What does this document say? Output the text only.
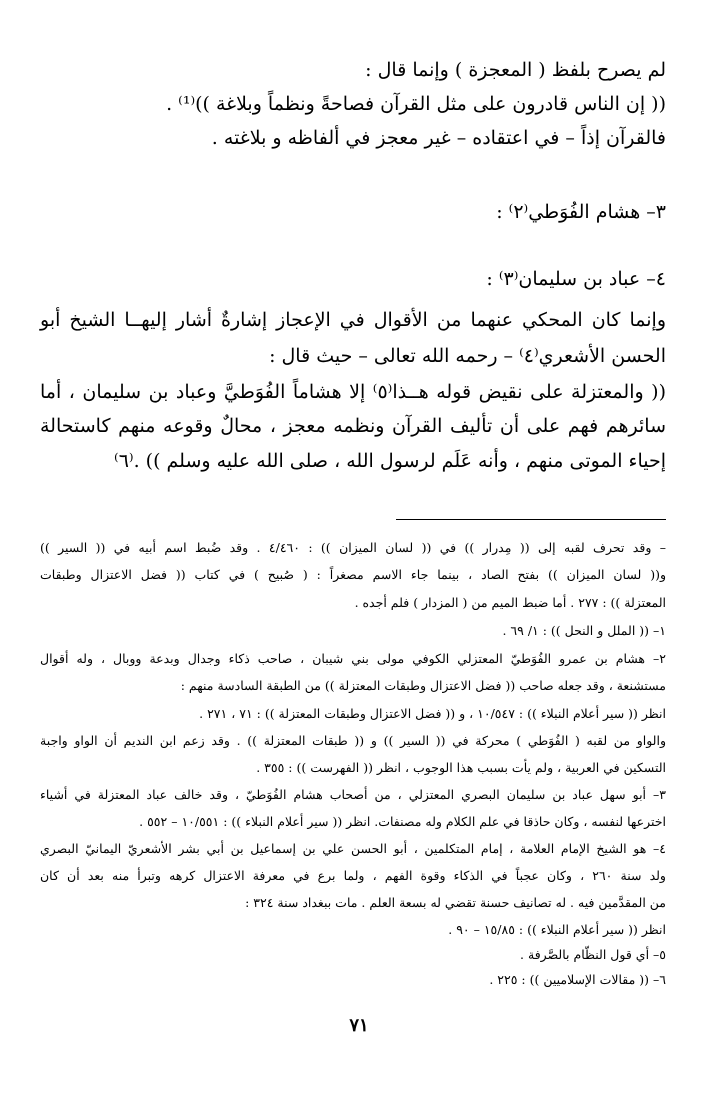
لم يصرح بلفظ ( المعجزة ) وإنما قال :
(( إن الناس قادرون على مثل القرآن فصاحةً ونظماً وبلاغة ))⁽¹⁾ .
فالقرآن إذاً – في اعتقاده – غير معجز في ألفاظه و بلاغته .
٣– هشام الفُوَطي⁽٢⁾ :
٤– عباد بن سليمان⁽٣⁾ :
وإنما كان المحكي عنهما من الأقوال في الإعجاز إشارةٌ أشار إليهــا الشيخ أبو
الحسن الأشعري⁽٤⁾ – رحمه الله تعالى – حيث قال :
(( والمعتزلة على نقيض قوله هــذا⁽٥⁾ إلا هشاماً الفُوَطيَّ وعباد بن سليمان ، أما
سائرهم فهم على أن تأليف القرآن ونظمه معجز ، محالٌ وقوعه منهم كاستحالة
إحياء الموتى منهم ، وأنه عَلَم لرسول الله ، صلى الله عليه وسلم )) .⁽٦⁾
– وقد تحرف لقبه إلى (( مِدرار )) في (( لسان الميزان )) : ٤/٤٦٠ . وقد ضُبط اسم أبيه في (( السير ))
و(( لسان الميزان )) بفتح الصاد ، بينما جاء الاسم مصغراً : ( صُبيح ) في كتاب (( فضل الاعتزال وطبقات
المعتزلة )) : ٢٧٧ . أما ضبط الميم من ( المزدار ) فلم أجده .
١– (( الملل و النحل )) : ١/ ٦٩ .
٢– هشام بن عمرو الفُوَطيّ المعتزلي الكوفي مولى بني شيبان ، صاحب ذكاء وجدال وبدعة ووبال ، وله أقوال
مستشنعة ، وقد جعله صاحب (( فضل الاعتزال وطبقات المعتزلة )) من الطبقة السادسة منهم :
انظر (( سير أعلام النبلاء )) : ١٠/٥٤٧ ، و (( فضل الاعتزال وطبقات المعتزلة )) : ٧١ ، ٢٧١ .
والواو من لقبه ( الفُوَطي ) محركة في (( السير )) و (( طبقات المعتزلة )) . وقد زعم ابن النديم أن الواو واجبة
التسكين في العربية ، ولم يأت بسبب هذا الوجوب ، انظر (( الفهرست )) : ٣٥٥ .
٣– أبو سهل عباد بن سليمان البصري المعتزلي ، من أصحاب هشام الفُوَطيّ ، وقد خالف عباد المعتزلة في أشياء
اخترعها لنفسه ، وكان حاذقا في علم الكلام وله مصنفات. انظر (( سير أعلام النبلاء )) : ١٠/٥٥١ – ٥٥٢ .
٤– هو الشيخ الإمام العلامة ، إمام المتكلمين ، أبو الحسن علي بن إسماعيل بن أبي بشر الأشعريّ اليمانيّ البصري
ولد سنة ٢٦٠ ، وكان عجباً في الذكاء وقوة الفهم ، ولما برع في معرفة الاعتزال كرهه وتبرأ منه بعد أن كان
من المقدَّمين فيه . له تصانيف حسنة تقضي له بسعة العلم . مات ببغداد سنة ٣٢٤ :
انظر (( سير أعلام النبلاء )) : ١٥/٨٥ – ٩٠ .
٥– أي قول النظّام بالصَّرفة .
٦– (( مقالات الإسلاميين )) : ٢٢٥ .
٧١
